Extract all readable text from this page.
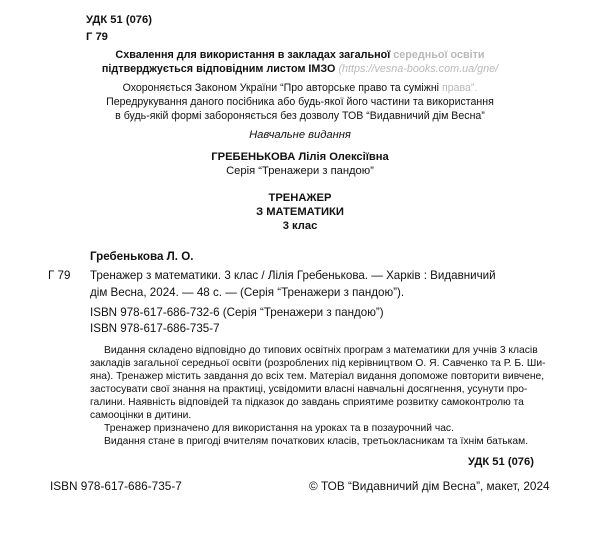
УДК 51 (076)
Г 79
Схвалення для використання в закладах загальної середньої освіти
підтверджується відповідним листом ІМЗО (https://vesna-books.com.ua/gne/
Охороняється Законом України “Про авторське право та суміжні права”.
Передрукування даного посібника або будь-якої його частини та використання
в будь-якій формі забороняється без дозволу ТОВ “Видавничий дім Весна”
Навчальне видання
ГРЕБЕНЬКОВА Лілія Олексіївна
Серія “Тренажери з пандою”
ТРЕНАЖЕР
З МАТЕМАТИКИ
3 клас
Гребенькова Л. О.
Г 79 Тренажер з математики. 3 клас / Лілія Гребенькова. — Харків : Видавничий
дім Весна, 2024. — 48 с. — (Серія “Тренажери з пандою”).
ISBN 978-617-686-732-6 (Серія “Тренажери з пандою”)
ISBN 978-617-686-735-7
Видання складено відповідно до типових освітніх програм з математики для учнів 3 класів
закладів загальної середньої освіти (розроблених під керівництвом О. Я. Савченко та Р. Б. Ши-
яна). Тренажер містить завдання до всіх тем. Матеріал видання допоможе повторити вивчене,
застосувати свої знання на практиці, усвідомити власні навчальні досягнення, усунути про-
галини. Наявність відповідей та підказок до завдань сприятиме розвитку самоконтролю та
самооцінки в дитини.
Тренажер призначено для використання на уроках та в позаурочний час.
Видання стане в пригоді вчителям початкових класів, третьокласникам та їхнім батькам.
УДК 51 (076)
ISBN 978-617-686-735-7	© ТОВ “Видавничий дім Весна”, макет, 2024
